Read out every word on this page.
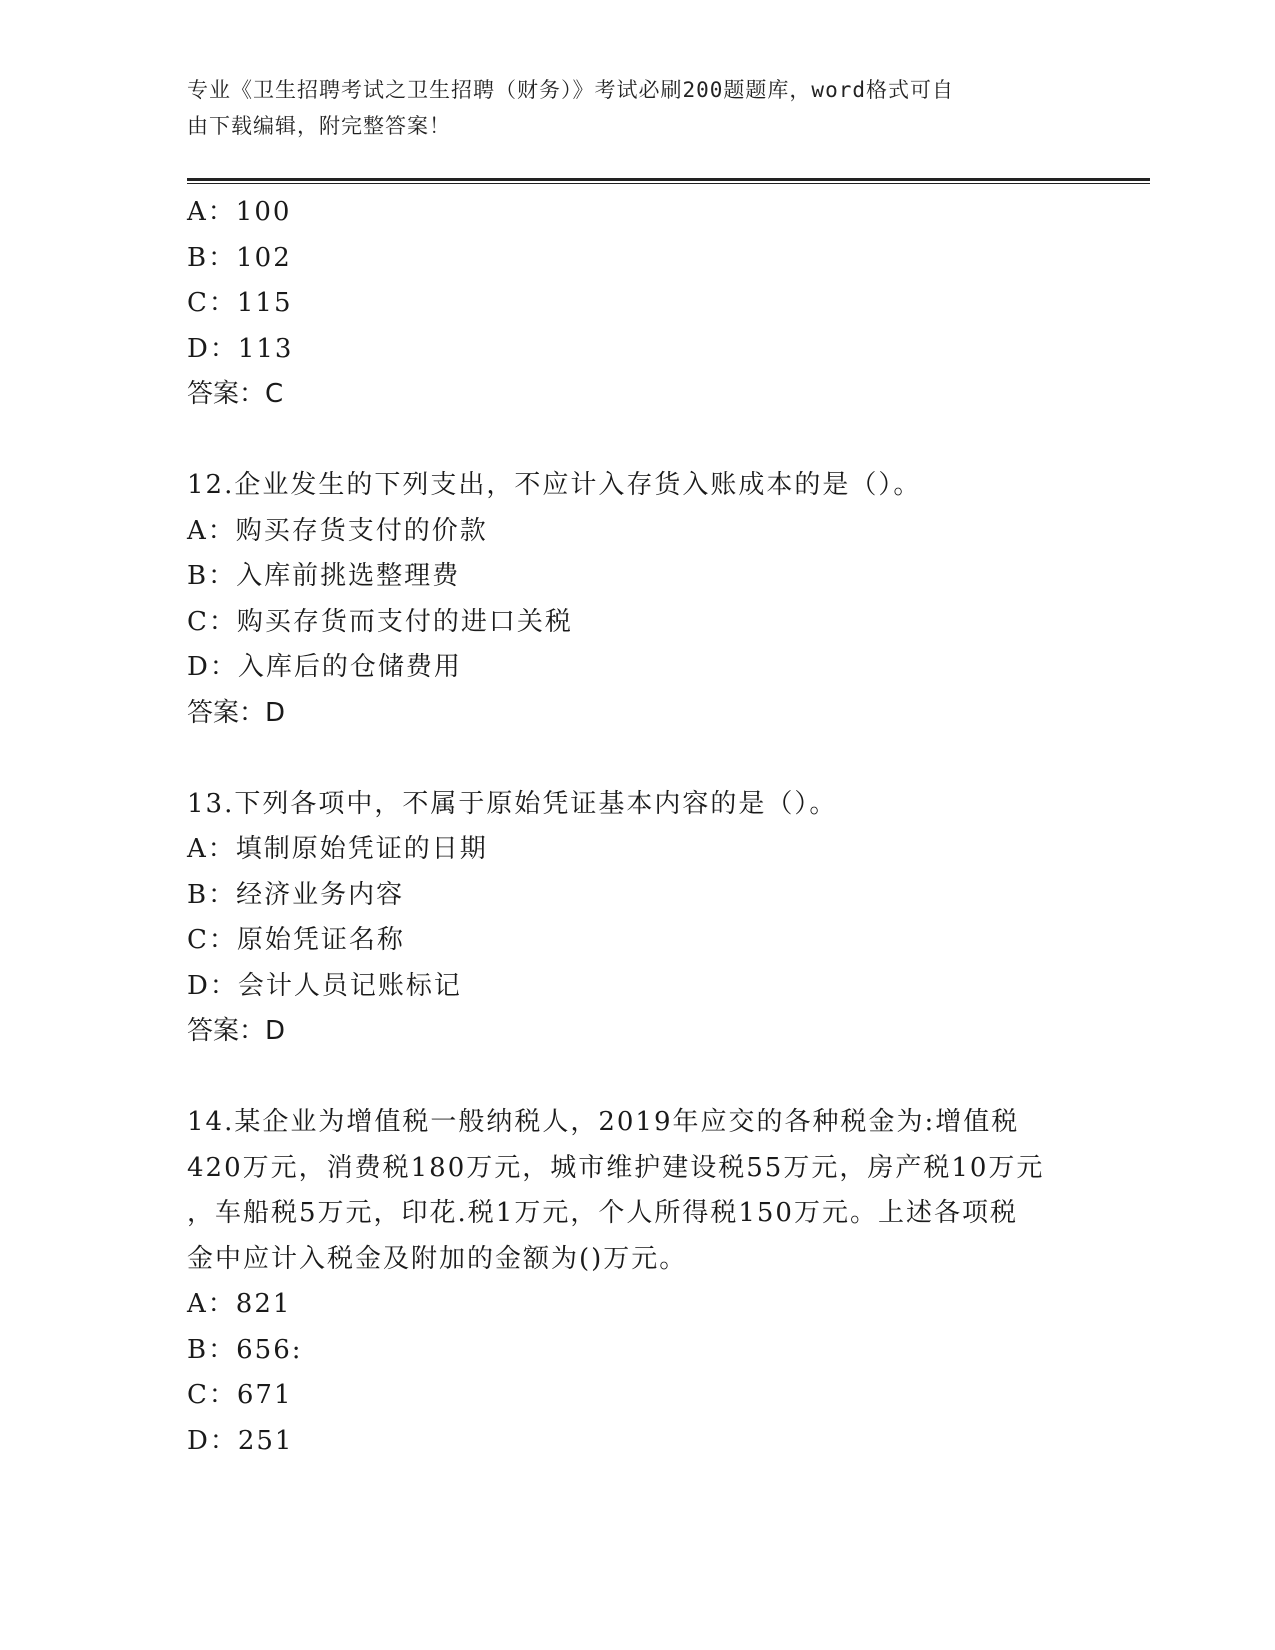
专业《卫生招聘考试之卫生招聘（财务）》考试必刷200题题库，word格式可自
由下载编辑，附完整答案！
A：100
B：102
C：115
D：113
答案：C
12.企业发生的下列支出，不应计入存货入账成本的是（）。
A：购买存货支付的价款
B：入库前挑选整理费
C：购买存货而支付的进口关税
D：入库后的仓储费用
答案：D
13.下列各项中，不属于原始凭证基本内容的是（）。
A：填制原始凭证的日期
B：经济业务内容
C：原始凭证名称
D：会计人员记账标记
答案：D
14.某企业为增值税一般纳税人，2019年应交的各种税金为:增值税
420万元，消费税180万元，城市维护建设税55万元，房产税10万元
，车船税5万元，印花.税1万元，个人所得税150万元。上述各项税
金中应计入税金及附加的金额为()万元。
A：821
B：656:
C：671
D：251
